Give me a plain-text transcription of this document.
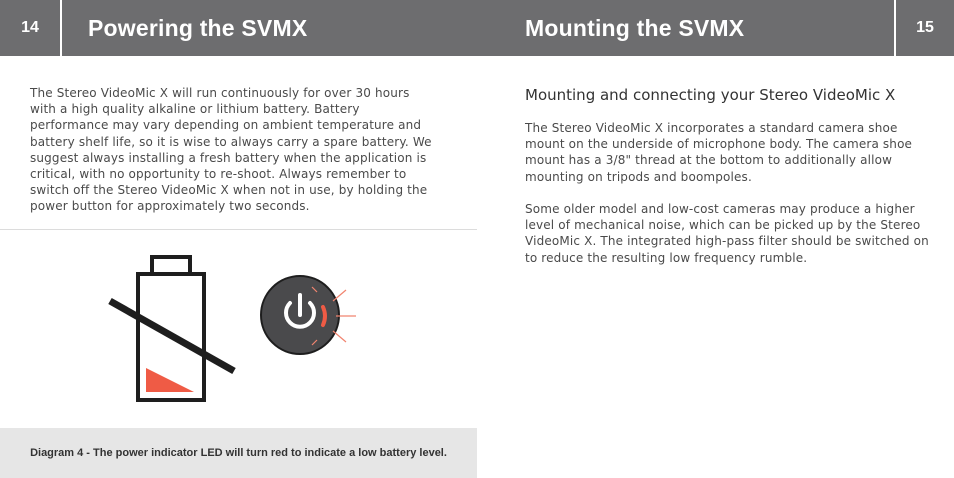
14	Powering the SVMX	Mounting the SVMX	15

The Stereo VideoMic X will run continuously for over 30 hours with a high quality alkaline or lithium battery. Battery performance may vary depending on ambient temperature and battery shelf life, so it is wise to always carry a spare battery. We suggest always installing a fresh battery when the application is critical, with no opportunity to re-shoot. Always remember to switch off the Stereo VideoMic X when not in use, by holding the power button for approximately two seconds.

Diagram 4 - The power indicator LED will turn red to indicate a low battery level.
Mounting and connecting your Stereo VideoMic X

The Stereo VideoMic X incorporates a standard camera shoe mount on the underside of microphone body. The camera shoe mount has a 3/8" thread at the bottom to additionally allow mounting on tripods and boompoles.

Some older model and low-cost cameras may produce a higher level of mechanical noise, which can be picked up by the Stereo VideoMic X. The integrated high-pass filter should be switched on to reduce the resulting low frequency rumble.
